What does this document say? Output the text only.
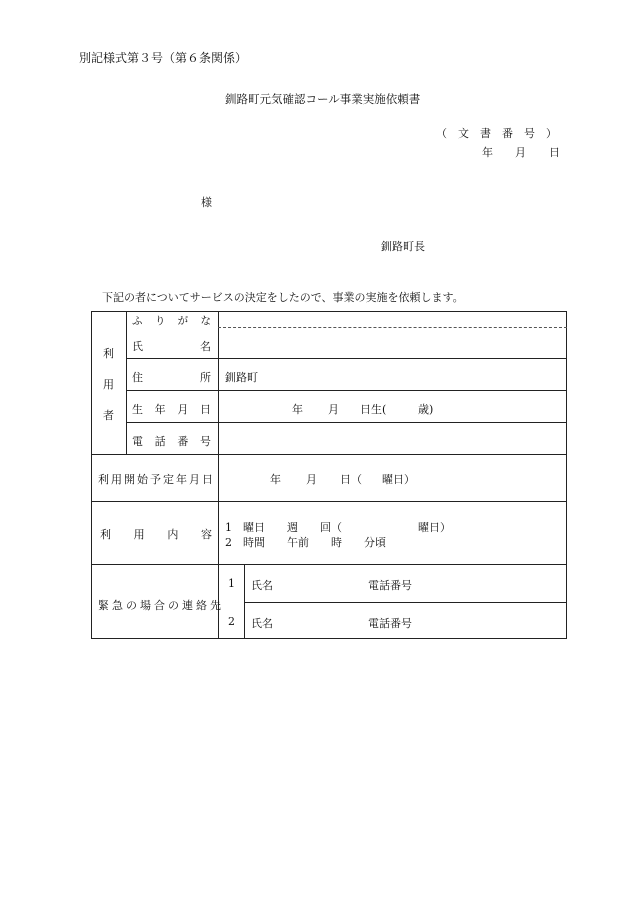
別記様式第３号（第６条関係）
釧路町元気確認コール事業実施依頼書
（　文　書　番　号　）
年 月 日
様
釧路町長
下記の者についてサービスの決定をしたので、事業の実施を依頼します。
利
用
者
ふ り が な
氏	名
住	所 釧路町
生 年 月 日	年 月 日生(	歳)
電 話 番 号
利用開始予定年月日	年 月 日（ 曜日）
利 用 内 容
1　曜日　　週　　回（	曜日）
2　時間　　午前　　時　　分頃
緊急の場合の連絡先
1 氏名	電話番号
2 氏名	電話番号
